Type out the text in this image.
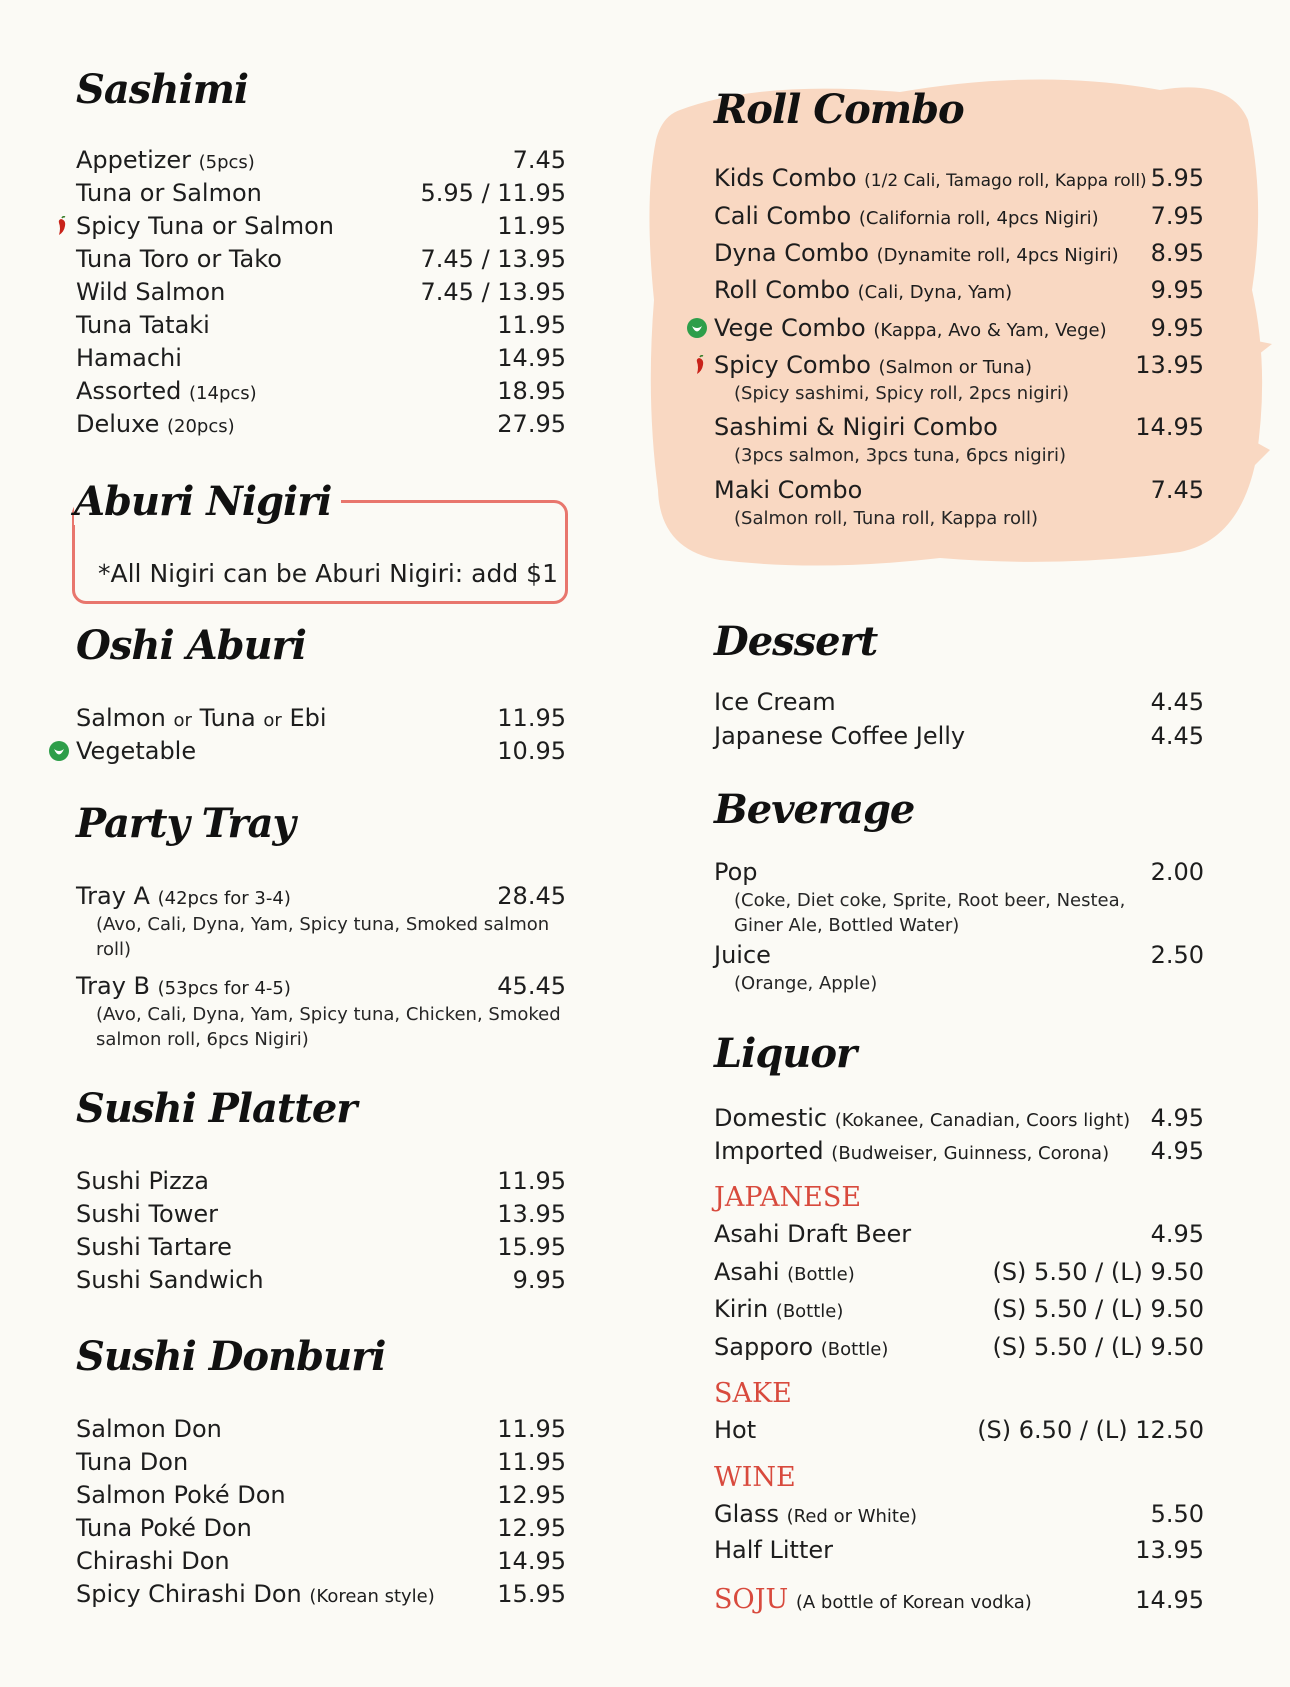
Sashimi
Appetizer (5pcs)	7.45
Tuna or Salmon	5.95 / 11.95
Spicy Tuna or Salmon	11.95
Tuna Toro or Tako	7.45 / 13.95
Wild Salmon	7.45 / 13.95
Tuna Tataki	11.95
Hamachi	14.95
Assorted (14pcs)	18.95
Deluxe (20pcs)	27.95
Aburi Nigiri
*All Nigiri can be Aburi Nigiri: add $1
Oshi Aburi
Salmon or Tuna or Ebi	11.95
Vegetable	10.95
Party Tray
Tray A (42pcs for 3-4)	28.45
(Avo, Cali, Dyna, Yam, Spicy tuna, Smoked salmon
roll)
Tray B (53pcs for 4-5)	45.45
(Avo, Cali, Dyna, Yam, Spicy tuna, Chicken, Smoked
salmon roll, 6pcs Nigiri)
Sushi Platter
Sushi Pizza	11.95
Sushi Tower	13.95
Sushi Tartare	15.95
Sushi Sandwich	9.95
Sushi Donburi
Salmon Don	11.95
Tuna Don	11.95
Salmon Poké Don	12.95
Tuna Poké Don	12.95
Chirashi Don	14.95
Spicy Chirashi Don (Korean style)	15.95
Roll Combo
Kids Combo (1/2 Cali, Tamago roll, Kappa roll) 5.95
Cali Combo (California roll, 4pcs Nigiri) 7.95
Dyna Combo (Dynamite roll, 4pcs Nigiri) 8.95
Roll Combo (Cali, Dyna, Yam)	9.95
Vege Combo (Kappa, Avo & Yam, Vege) 9.95
Spicy Combo (Salmon or Tuna)	13.95
(Spicy sashimi, Spicy roll, 2pcs nigiri)
Sashimi & Nigiri Combo	14.95
(3pcs salmon, 3pcs tuna, 6pcs nigiri)
Maki Combo	7.45
(Salmon roll, Tuna roll, Kappa roll)
Dessert
Ice Cream	4.45
Japanese Coffee Jelly	4.45
Beverage
Pop	2.00
(Coke, Diet coke, Sprite, Root beer, Nestea,
Giner Ale, Bottled Water)
Juice	2.50
(Orange, Apple)
Liquor
Domestic (Kokanee, Canadian, Coors light) 4.95
Imported (Budweiser, Guinness, Corona) 4.95
JAPANESE
Asahi Draft Beer	4.95
Asahi (Bottle)	(S) 5.50 / (L) 9.50
Kirin (Bottle)	(S) 5.50 / (L) 9.50
Sapporo (Bottle)	(S) 5.50 / (L) 9.50
SAKE
Hot	(S) 6.50 / (L) 12.50
WINE
Glass (Red or White)	5.50
Half Litter	13.95
SOJU (A bottle of Korean vodka)	14.95
